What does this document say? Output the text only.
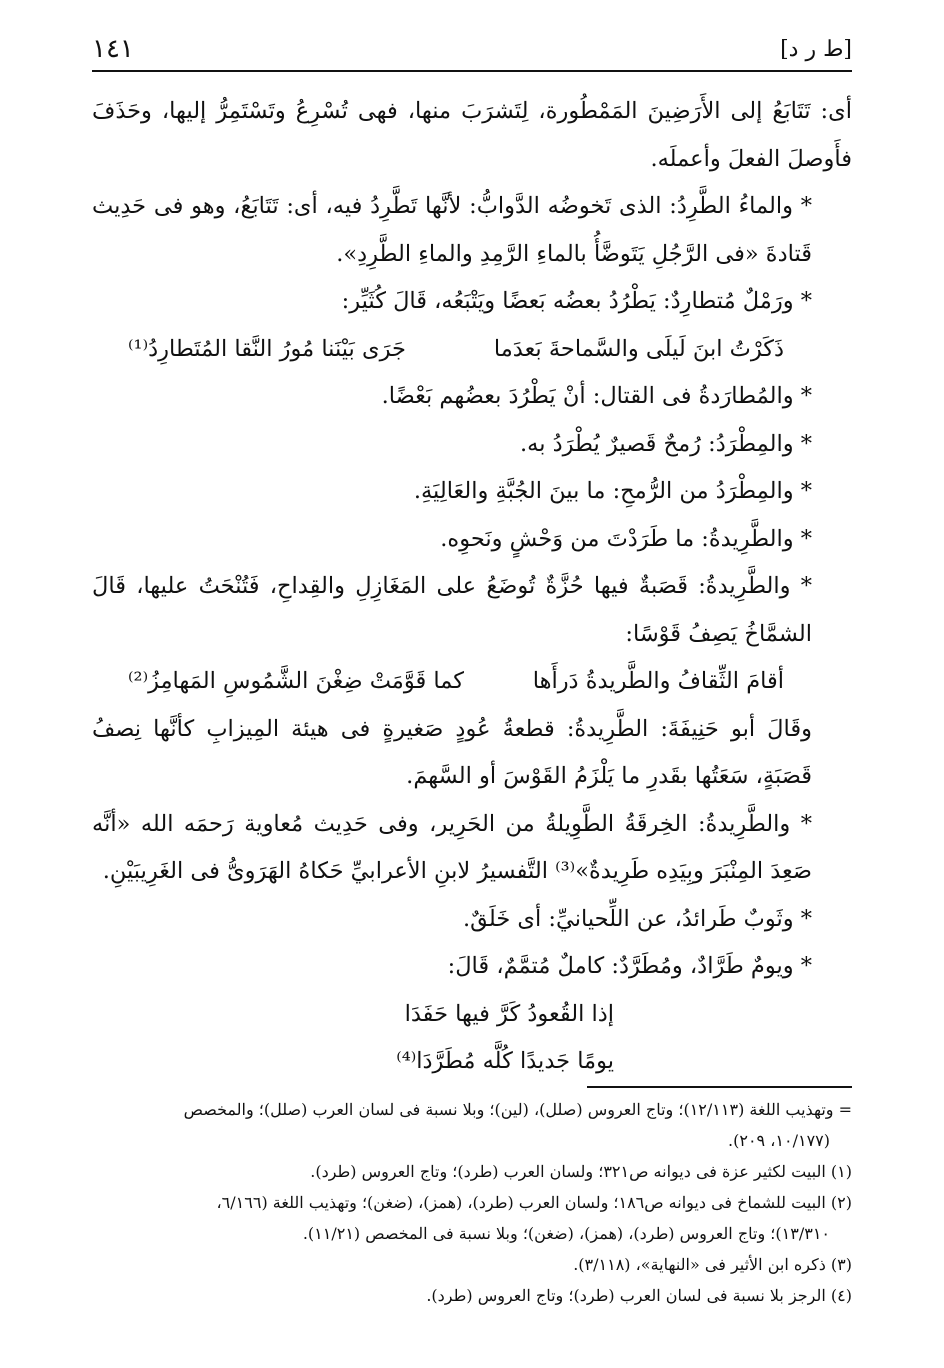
[ط ر د]
١٤١

أى: تَتَابَعُ إلى الأَرَضِينَ المَمْطُورة، لِتَشرَبَ منها، فهى تُسْرِعُ وتَسْتَمِرُّ إليها، وحَذَفَ فأَوصلَ الفعلَ وأعملَه.

* والماءُ الطَّرِدُ: الذى تَخوضُه الدَّوابُّ: لأنَّها تَطَّرِدُ فيه، أى: تَتَابَعُ، وهو فى حَدِيث قَتادةَ «فى الرَّجُلِ يَتَوضَّأُ بالماءِ الرَّمِدِ والماءِ الطَّرِدِ».

* ورَمْلٌ مُتطارِدٌ: يَطْرُدُ بعضُه بَعضًا ويَتْبَعُه، قَالَ كُثَيِّر:

ذَكَرْتُ ابنَ لَيلَى والسَّماحةَ بَعدَما
جَرَى بَيْنَنا مُورُ النَّقا المُتَطارِدُ⁽¹⁾

* والمُطارَدةُ فى القتال: أنْ يَطْرُدَ بعضُهم بَعْضًا.

* والمِطْرَدُ: رُمحٌ قَصيرٌ يُطْرَدُ به.

* والمِطْرَدُ من الرُّمحِ: ما بينَ الجُبَّةِ والعَالِيَةِ.

* والطَّرِيدةُ: ما طَرَدْتَ من وَحْشٍ ونَحوِه.

* والطَّرِيدةُ: قَصَبةٌ فيها حُزَّةٌ تُوضَعُ على المَغَازِلِ والقِداحِ، فَتُنْحَتُ عليها، قَالَ الشمَّاخُ يَصِفُ قَوْسًا:

أقامَ الثِّقافُ والطَّريدةُ دَرأَها
كما قَوَّمَتْ ضِغْنَ الشَّمُوسِ المَهامِزُ⁽²⁾

وقَالَ أبو حَنِيفَةَ: الطَّرِيدةُ: قطعةُ عُودٍ صَغيرةٍ فى هيئة المِيزابِ كأنَّها نِصفُ قَصَبَةٍ، سَعَتُها بقَدرِ ما يَلْزَمُ القَوْسَ أو السَّهمَ.

* والطَّرِيدةُ: الخِرقَةُ الطَّوِيلةُ من الحَرِير، وفى حَدِيث مُعاوية رَحمَه الله «أنَّه صَعِدَ المِنْبَرَ وبِيَدِه طَرِيدةٌ»⁽³⁾ التَّفسيرُ لابنِ الأعرابيِّ حَكاهُ الهَرَوىُّ فى الغَرِيبَيْنِ.

* وثَوبٌ طَرائدُ، عن اللِّحيانيِّ: أى خَلَقٌ.

* ويومٌ طَرَّادٌ، ومُطَرَّدٌ: كاملٌ مُتمَّمٌ، قَالَ:

إذا القُعودُ كَرَّ فيها حَفَدَا
يومًا جَديدًا كُلَّه مُطَرَّدَا⁽⁴⁾

= وتهذيب اللغة (١٢/١١٣)؛ وتاج العروس (صلل)، (لين)؛ وبلا نسبة فى لسان العرب (صلل)؛ والمخصص

(١٠/١٧٧، ٢٠٩).

(١) البيت لكثير عزة فى ديوانه ص٣٢١؛ ولسان العرب (طرد)؛ وتاج العروس (طرد).

(٢) البيت للشماخ فى ديوانه ص١٨٦؛ ولسان العرب (طرد)، (همز)، (ضغن)؛ وتهذيب اللغة (٦/١٦٦،

١٣/٣١٠)؛ وتاج العروس (طرد)، (همز)، (ضغن)؛ وبلا نسبة فى المخصص (١١/٢١).

(٣) ذكره ابن الأثير فى «النهاية»، (٣/١١٨).

(٤) الرجز بلا نسبة فى لسان العرب (طرد)؛ وتاج العروس (طرد).
